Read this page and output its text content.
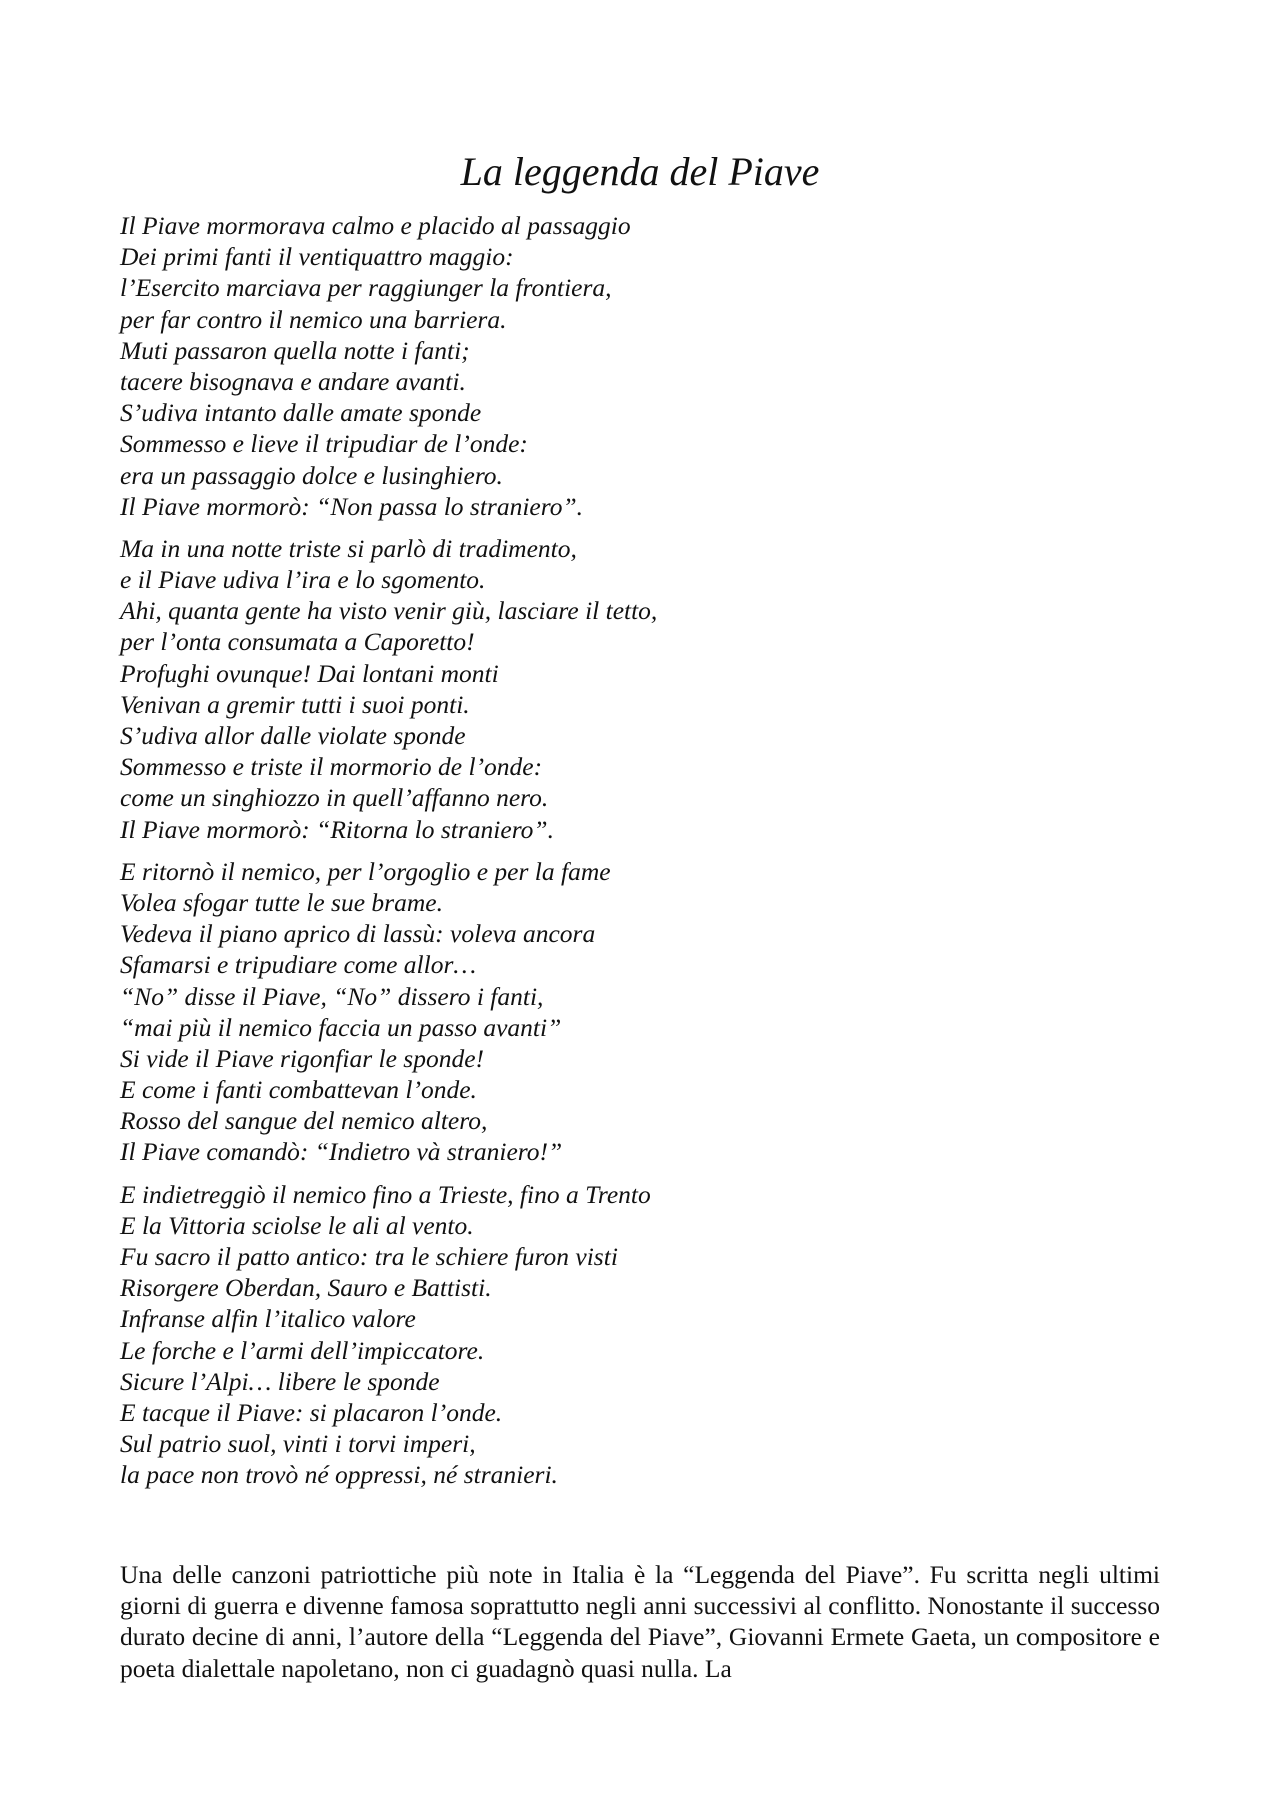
La leggenda del Piave
Il Piave mormorava calmo e placido al passaggio
Dei primi fanti il ventiquattro maggio:
l’Esercito marciava per raggiunger la frontiera,
per far contro il nemico una barriera.
Muti passaron quella notte i fanti;
tacere bisognava e andare avanti.
S’udiva intanto dalle amate sponde
Sommesso e lieve il tripudiar de l’onde:
era un passaggio dolce e lusinghiero.
Il Piave mormorò: “Non passa lo straniero”.
Ma in una notte triste si parlò di tradimento,
e il Piave udiva l’ira e lo sgomento.
Ahi, quanta gente ha visto venir giù, lasciare il tetto,
per l’onta consumata a Caporetto!
Profughi ovunque! Dai lontani monti
Venivan a gremir tutti i suoi ponti.
S’udiva allor dalle violate sponde
Sommesso e triste il mormorio de l’onde:
come un singhiozzo in quell’affanno nero.
Il Piave mormorò: “Ritorna lo straniero”.
E ritornò il nemico, per l’orgoglio e per la fame
Volea sfogar tutte le sue brame.
Vedeva il piano aprico di lassù: voleva ancora
Sfamarsi e tripudiare come allor…
“No” disse il Piave, “No” dissero i fanti,
“mai più il nemico faccia un passo avanti”
Si vide il Piave rigonfiar le sponde!
E come i fanti combattevan l’onde.
Rosso del sangue del nemico altero,
Il Piave comandò: “Indietro và straniero!”
E indietreggiò il nemico fino a Trieste, fino a Trento
E la Vittoria sciolse le ali al vento.
Fu sacro il patto antico: tra le schiere furon visti
Risorgere Oberdan, Sauro e Battisti.
Infranse alfin l’italico valore
Le forche e l’armi dell’impiccatore.
Sicure l’Alpi… libere le sponde
E tacque il Piave: si placaron l’onde.
Sul patrio suol, vinti i torvi imperi,
la pace non trovò né oppressi, né stranieri.

Una delle canzoni patriottiche più note in Italia è la “Leggenda del Piave”. Fu scritta negli ultimi giorni di guerra e divenne famosa soprattutto negli anni successivi al conflitto. Nonostante il successo durato decine di anni, l’autore della “Leggenda del Piave”, Giovanni Ermete Gaeta, un compositore e poeta dialettale napoletano, non ci guadagnò quasi nulla. La
